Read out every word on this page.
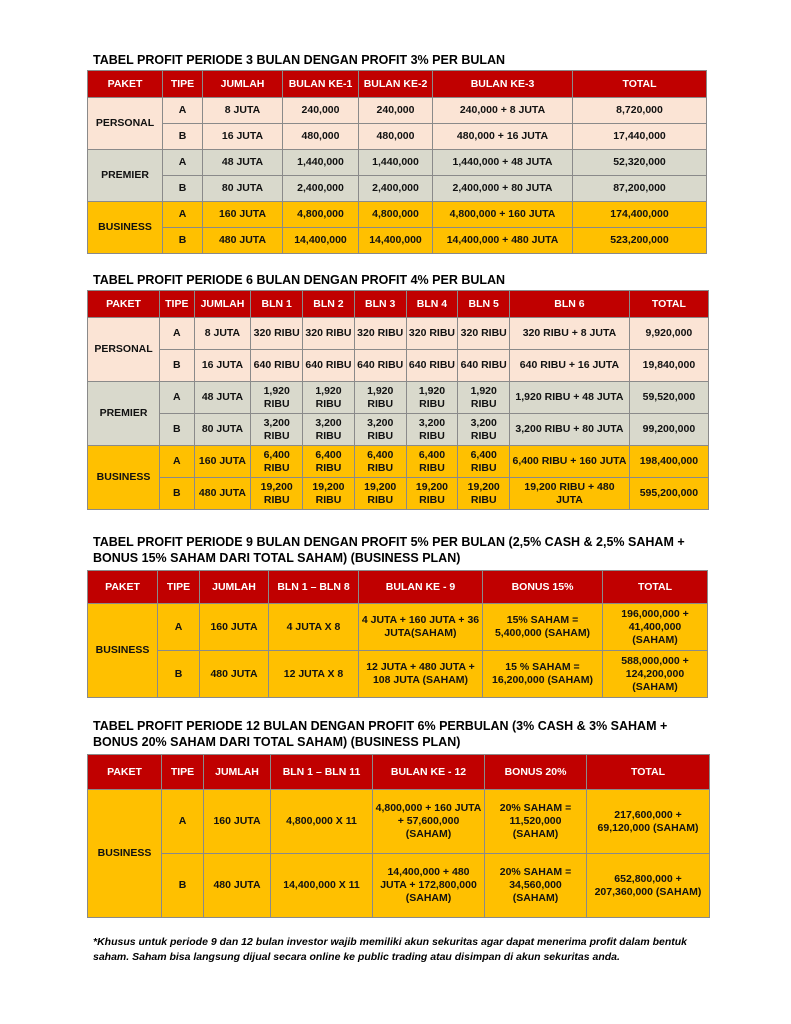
TABEL PROFIT PERIODE 3 BULAN DENGAN PROFIT 3% PER BULAN
PAKET	TIPE	JUMLAH	BULAN KE-1	BULAN KE-2	BULAN KE-3	TOTAL
PERSONAL	A	8 JUTA	240,000	240,000	240,000 + 8 JUTA	8,720,000
	B	16 JUTA	480,000	480,000	480,000 + 16 JUTA	17,440,000
PREMIER	A	48 JUTA	1,440,000	1,440,000	1,440,000 + 48 JUTA	52,320,000
	B	80 JUTA	2,400,000	2,400,000	2,400,000 + 80 JUTA	87,200,000
BUSINESS	A	160 JUTA	4,800,000	4,800,000	4,800,000 + 160 JUTA	174,400,000
	B	480 JUTA	14,400,000	14,400,000	14,400,000 + 480 JUTA	523,200,000
TABEL PROFIT PERIODE 6 BULAN DENGAN PROFIT 4% PER BULAN
PAKET	TIPE	JUMLAH	BLN 1	BLN 2	BLN 3	BLN 4	BLN 5	BLN 6	TOTAL
PERSONAL	A	8 JUTA	320 RIBU	320 RIBU	320 RIBU	320 RIBU	320 RIBU	320 RIBU + 8 JUTA	9,920,000
	B	16 JUTA	640 RIBU	640 RIBU	640 RIBU	640 RIBU	640 RIBU	640 RIBU + 16 JUTA	19,840,000
PREMIER	A	48 JUTA	1,920 RIBU	1,920 RIBU	1,920 RIBU	1,920 RIBU	1,920 RIBU	1,920 RIBU + 48 JUTA	59,520,000
	B	80 JUTA	3,200 RIBU	3,200 RIBU	3,200 RIBU	3,200 RIBU	3,200 RIBU	3,200 RIBU + 80 JUTA	99,200,000
BUSINESS	A	160 JUTA	6,400 RIBU	6,400 RIBU	6,400 RIBU	6,400 RIBU	6,400 RIBU	6,400 RIBU + 160 JUTA	198,400,000
	B	480 JUTA	19,200 RIBU	19,200 RIBU	19,200 RIBU	19,200 RIBU	19,200 RIBU	19,200 RIBU + 480 JUTA	595,200,000
TABEL PROFIT PERIODE 9 BULAN DENGAN PROFIT 5% PER BULAN (2,5% CASH & 2,5% SAHAM + BONUS 15% SAHAM DARI TOTAL SAHAM) (BUSINESS PLAN)
PAKET	TIPE	JUMLAH	BLN 1 – BLN 8	BULAN KE - 9	BONUS 15%	TOTAL
BUSINESS	A	160 JUTA	4 JUTA X 8	4 JUTA + 160 JUTA + 36 JUTA(SAHAM)	15% SAHAM = 5,400,000 (SAHAM)	196,000,000 + 41,400,000 (SAHAM)
	B	480 JUTA	12 JUTA X 8	12 JUTA + 480 JUTA + 108 JUTA (SAHAM)	15 % SAHAM = 16,200,000 (SAHAM)	588,000,000 + 124,200,000 (SAHAM)
TABEL PROFIT PERIODE 12 BULAN DENGAN PROFIT 6% PERBULAN (3% CASH & 3% SAHAM + BONUS 20% SAHAM DARI TOTAL SAHAM) (BUSINESS PLAN)
PAKET	TIPE	JUMLAH	BLN 1 – BLN 11	BULAN KE - 12	BONUS 20%	TOTAL
BUSINESS	A	160 JUTA	4,800,000 X 11	4,800,000 + 160 JUTA + 57,600,000 (SAHAM)	20% SAHAM = 11,520,000 (SAHAM)	217,600,000 + 69,120,000 (SAHAM)
	B	480 JUTA	14,400,000 X 11	14,400,000 + 480 JUTA + 172,800,000 (SAHAM)	20% SAHAM = 34,560,000 (SAHAM)	652,800,000 + 207,360,000 (SAHAM)
*Khusus untuk periode 9 dan 12 bulan investor wajib memiliki akun sekuritas agar dapat menerima profit dalam bentuk saham. Saham bisa langsung dijual secara online ke public trading atau disimpan di akun sekuritas anda.
